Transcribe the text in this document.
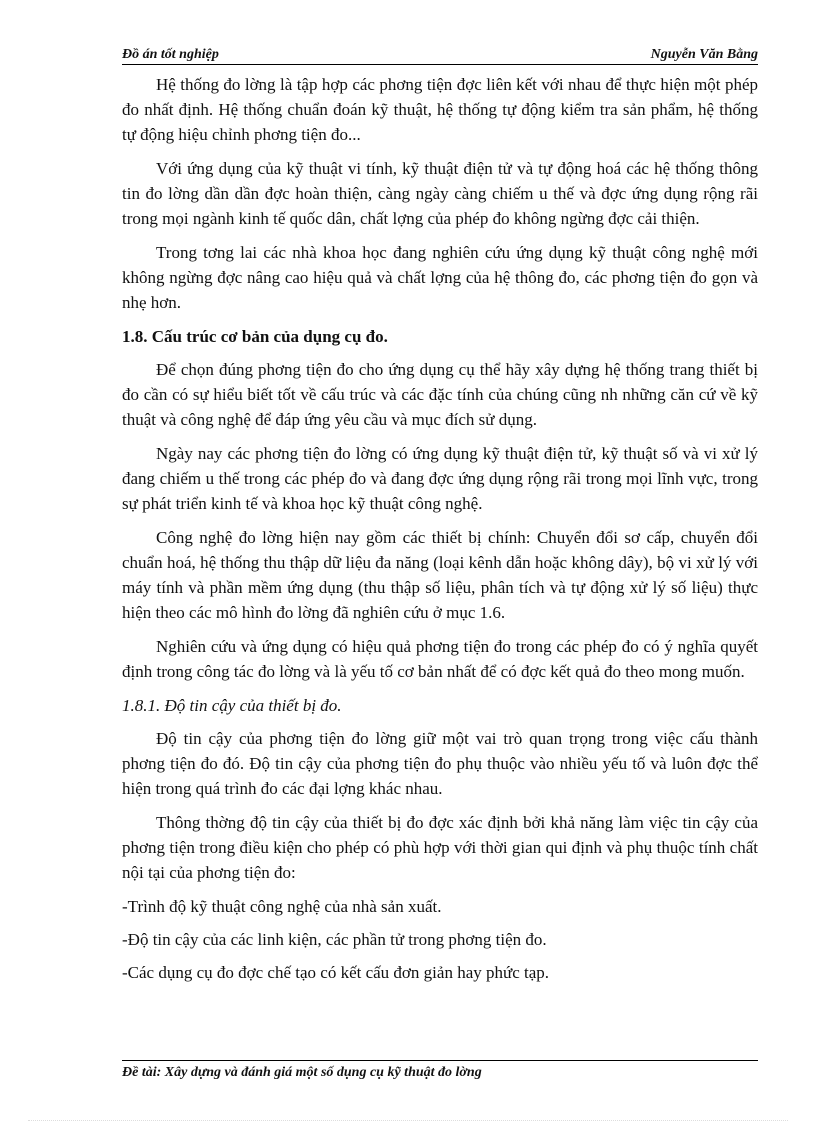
Đồ án tốt nghiệp	Nguyễn Văn Bằng

Hệ thống đo lờng là tập hợp các phơng tiện đợc liên kết với nhau để thực hiện một phép đo nhất định. Hệ thống chuẩn đoán kỹ thuật, hệ thống tự động kiểm tra sản phẩm, hệ thống tự động hiệu chỉnh phơng tiện đo...

Với ứng dụng của kỹ thuật vi tính, kỹ thuật điện tử và tự động hoá các hệ thống thông tin đo lờng dần dần đợc hoàn thiện, càng ngày càng chiếm u thế và đợc ứng dụng rộng rãi trong mọi ngành kinh tế quốc dân, chất lợng của phép đo không ngừng đợc cải thiện.

Trong tơng lai các nhà khoa học đang nghiên cứu ứng dụng kỹ thuật công nghệ mới không ngừng đợc nâng cao hiệu quả và chất lợng của hệ thông đo, các phơng tiện đo gọn và nhẹ hơn.

1.8. Cấu trúc cơ bản của dụng cụ đo.

Để chọn đúng phơng tiện đo cho ứng dụng cụ thể hãy xây dựng hệ thống trang thiết bị đo cần có sự hiểu biết tốt về cấu trúc và các đặc tính của chúng cũng nh những căn cứ về kỹ thuật và công nghệ để đáp ứng yêu cầu và mục đích sử dụng.

Ngày nay các phơng tiện đo lờng có ứng dụng kỹ thuật điện tử, kỹ thuật số và vi xử lý đang chiếm u thế trong các phép đo và đang đợc ứng dụng rộng rãi trong mọi lĩnh vực, trong sự phát triển kinh tế và khoa học kỹ thuật công nghệ.

Công nghệ đo lờng hiện nay gồm các thiết bị chính: Chuyển đổi sơ cấp, chuyển đổi chuẩn hoá, hệ thống thu thập dữ liệu đa năng (loại kênh dẫn hoặc không dây), bộ vi xử lý với máy tính và phần mềm ứng dụng (thu thập số liệu, phân tích và tự động xử lý số liệu) thực hiện theo các mô hình đo lờng đã nghiên cứu ở mục 1.6.

Nghiên cứu và ứng dụng có hiệu quả phơng tiện đo trong các phép đo có ý nghĩa quyết định trong công tác đo lờng và là yếu tố cơ bản nhất để có đợc kết quả đo theo mong muốn.

1.8.1. Độ tin cậy của thiết bị đo.

Độ tin cậy của phơng tiện đo lờng giữ một vai trò quan trọng trong việc cấu thành phơng tiện đo đó. Độ tin cậy của phơng tiện đo phụ thuộc vào nhiều yếu tố và luôn đợc thể hiện trong quá trình đo các đại lợng khác nhau.

Thông thờng độ tin cậy của thiết bị đo đợc xác định bởi khả năng làm việc tin cậy của phơng tiện trong điều kiện cho phép có phù hợp với thời gian qui định và phụ thuộc tính chất nội tại của phơng tiện đo:

-Trình độ kỹ thuật công nghệ của nhà sản xuất.

-Độ tin cậy của các linh kiện, các phần tử trong phơng tiện đo.

-Các dụng cụ đo đợc chế tạo có kết cấu đơn giản hay phức tạp.

Đề tài: Xây dựng và đánh giá một số dụng cụ kỹ thuật đo lờng
